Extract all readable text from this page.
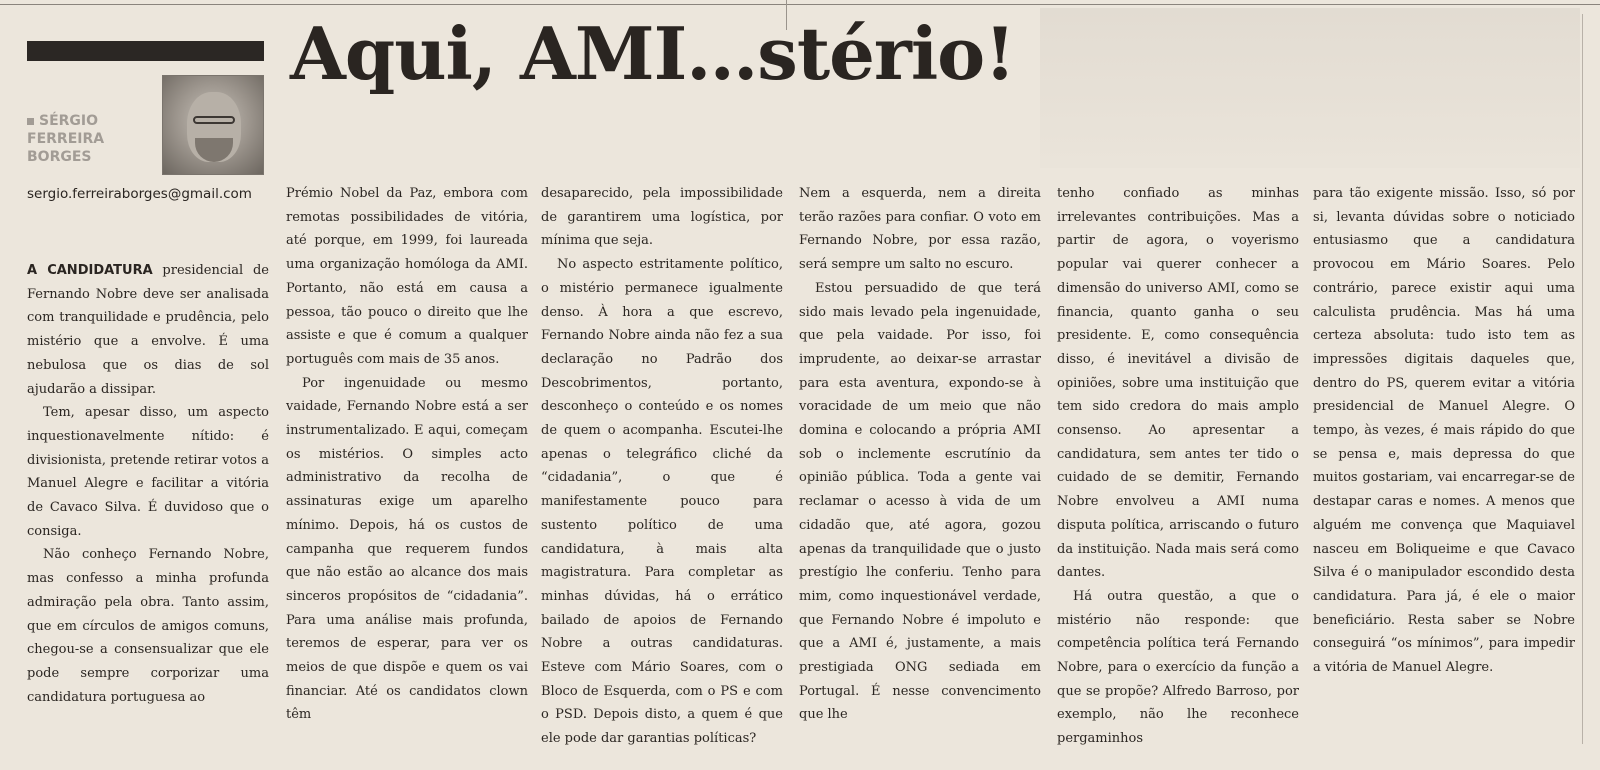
Aqui, AMI…stério!
SÉRGIO
FERREIRA
BORGES
sergio.ferreiraborges@gmail.com

A CANDIDATURA presidencial de Fernando Nobre deve ser analisada com tranquilidade e prudência, pelo mistério que a envolve. É uma nebulosa que os dias de sol ajudarão a dissipar.

Tem, apesar disso, um aspecto inquestionavelmente nítido: é divisionista, pretende retirar votos a Manuel Alegre e facilitar a vitória de Cavaco Silva. É duvidoso que o consiga.

Não conheço Fernando Nobre, mas confesso a minha profunda admiração pela obra. Tanto assim, que em círculos de amigos comuns, chegou-se a consensualizar que ele pode sempre corporizar uma candidatura portuguesa ao

Prémio Nobel da Paz, embora com remotas possibilidades de vitória, até porque, em 1999, foi laureada uma organização homóloga da AMI. Portanto, não está em causa a pessoa, tão pouco o direito que lhe assiste e que é comum a qualquer português com mais de 35 anos.

Por ingenuidade ou mesmo vaidade, Fernando Nobre está a ser instrumentalizado. E aqui, começam os mistérios. O simples acto administrativo da recolha de assinaturas exige um aparelho mínimo. Depois, há os custos de campanha que requerem fundos que não estão ao alcance dos mais sinceros propósitos de “cidadania”. Para uma análise mais profunda, teremos de esperar, para ver os meios de que dispõe e quem os vai financiar. Até os candidatos clown têm

desaparecido, pela impossibilidade de garantirem uma logística, por mínima que seja.

No aspecto estritamente político, o mistério permanece igualmente denso. À hora a que escrevo, Fernando Nobre ainda não fez a sua declaração no Padrão dos Descobrimentos, portanto, desconheço o conteúdo e os nomes de quem o acompanha. Escutei-lhe apenas o telegráfico cliché da “cidadania”, o que é manifestamente pouco para sustento político de uma candidatura, à mais alta magistratura. Para completar as minhas dúvidas, há o errático bailado de apoios de Fernando Nobre a outras candidaturas. Esteve com Mário Soares, com o Bloco de Esquerda, com o PS e com o PSD. Depois disto, a quem é que ele pode dar garantias políticas?

Nem a esquerda, nem a direita terão razões para confiar. O voto em Fernando Nobre, por essa razão, será sempre um salto no escuro.

Estou persuadido de que terá sido mais levado pela ingenuidade, que pela vaidade. Por isso, foi imprudente, ao deixar-se arrastar para esta aventura, expondo-se à voracidade de um meio que não domina e colocando a própria AMI sob o inclemente escrutínio da opinião pública. Toda a gente vai reclamar o acesso à vida de um cidadão que, até agora, gozou apenas da tranquilidade que o justo prestígio lhe conferiu. Tenho para mim, como inquestionável verdade, que Fernando Nobre é impoluto e que a AMI é, justamente, a mais prestigiada ONG sediada em Portugal. É nesse convencimento que lhe

tenho confiado as minhas irrelevantes contribuições. Mas a partir de agora, o voyerismo popular vai querer conhecer a dimensão do universo AMI, como se financia, quanto ganha o seu presidente. E, como consequência disso, é inevitável a divisão de opiniões, sobre uma instituição que tem sido credora do mais amplo consenso. Ao apresentar a candidatura, sem antes ter tido o cuidado de se demitir, Fernando Nobre envolveu a AMI numa disputa política, arriscando o futuro da instituição. Nada mais será como dantes.

Há outra questão, a que o mistério não responde: que competência política terá Fernando Nobre, para o exercício da função a que se propõe? Alfredo Barroso, por exemplo, não lhe reconhece pergaminhos

para tão exigente missão. Isso, só por si, levanta dúvidas sobre o noticiado entusiasmo que a candidatura provocou em Mário Soares. Pelo contrário, parece existir aqui uma calculista prudência. Mas há uma certeza absoluta: tudo isto tem as impressões digitais daqueles que, dentro do PS, querem evitar a vitória presidencial de Manuel Alegre. O tempo, às vezes, é mais rápido do que se pensa e, mais depressa do que muitos gostariam, vai encarregar-se de destapar caras e nomes. A menos que alguém me convença que Maquiavel nasceu em Boliqueime e que Cavaco Silva é o manipulador escondido desta candidatura. Para já, é ele o maior beneficiário. Resta saber se Nobre conseguirá “os mínimos”, para impedir a vitória de Manuel Alegre.
